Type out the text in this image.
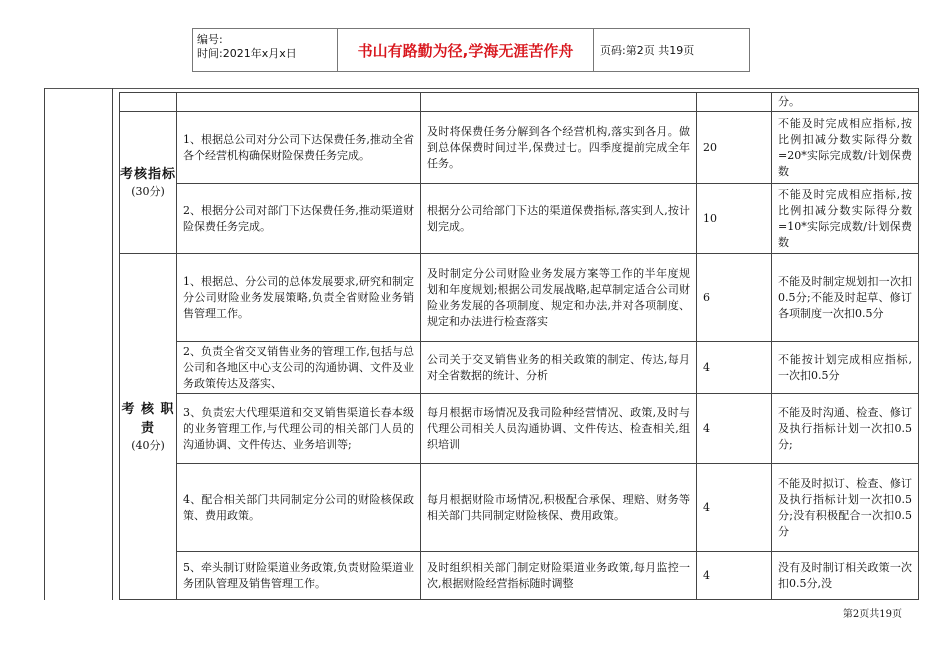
编号:
时间:2021年x月x日	书山有路勤为径,学海无涯苦作舟	页码:第2页 共19页
				分。

考核指标
(30分)	1、根据总公司对分公司下达保费任务,推动全省各个经营机构确保财险保费任务完成。	及时将保费任务分解到各个经营机构,落实到各月。做到总体保费时间过半,保费过七。四季度提前完成全年任务。	20	不能及时完成相应指标,按比例扣减分数实际得分数=20*实际完成数/计划保费数
	2、根据分公司对部门下达保费任务,推动渠道财险保费任务完成。	根据分公司给部门下达的渠道保费指标,落实到人,按计划完成。	10	不能及时完成相应指标,按比例扣减分数实际得分数=10*实际完成数/计划保费数

考 核 职 责
(40分)	1、根据总、分公司的总体发展要求,研究和制定分公司财险业务发展策略,负责全省财险业务销售管理工作。	及时制定分公司财险业务发展方案等工作的半年度规划和年度规划;根据公司发展战略,起草制定适合公司财险业务发展的各项制度、规定和办法,并对各项制度、规定和办法进行检查落实	6	不能及时制定规划扣一次扣0.5分;不能及时起草、修订各项制度一次扣0.5分
	2、负责全省交叉销售业务的管理工作,包括与总公司和各地区中心支公司的沟通协调、文件及业务政策传达及落实、	公司关于交叉销售业务的相关政策的制定、传达,每月对全省数据的统计、分析	4	不能按计划完成相应指标,一次扣0.5分
	3、负责宏大代理渠道和交叉销售渠道长春本级的业务管理工作,与代理公司的相关部门人员的沟通协调、文件传达、业务培训等;	每月根据市场情况及我司险种经营情况、政策,及时与代理公司相关人员沟通协调、文件传达、检查相关,组织培训	4	不能及时沟通、检查、修订及执行指标计划一次扣0.5分;
	4、配合相关部门共同制定分公司的财险核保政策、费用政策。	每月根据财险市场情况,积极配合承保、理赔、财务等相关部门共同制定财险核保、费用政策。	4	不能及时拟订、检查、修订及执行指标计划一次扣0.5分;没有积极配合一次扣0.5分
	5、牵头制订财险渠道业务政策,负责财险渠道业务团队管理及销售管理工作。	及时组织相关部门制定财险渠道业务政策,每月监控一次,根据财险经营指标随时调整	4	没有及时制订相关政策一次扣0.5分,没
第2页共19页
